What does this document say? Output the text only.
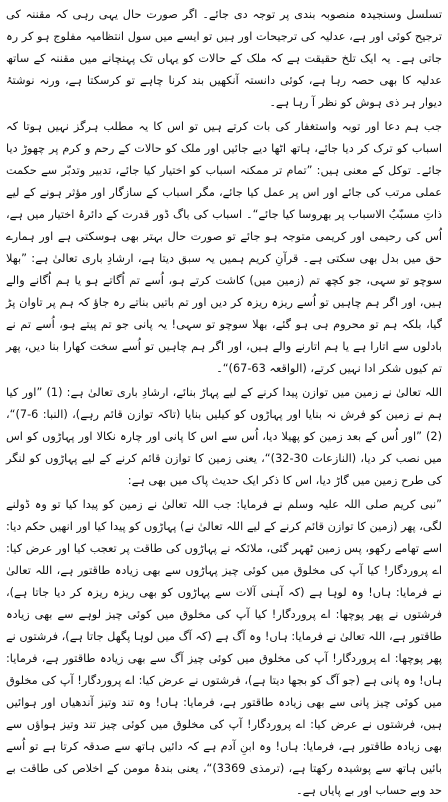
تسلسل وسنجیدہ منصوبہ بندی پر توجہ دی جائے۔ اگر صورت حال یہی رہی کہ مقننہ کی ترجیح کوئی اور ہے، عدلیہ کی ترجیحات اور ہیں تو ایسے میں سول انتظامیہ مفلوج ہو کر رہ جاتی ہے۔ یہ ایک تلخ حقیقت ہے کہ ملک کے حالات کو یہاں تک پہنچانے میں مقننہ کے ساتھ عدلیہ کا بھی حصہ رہا ہے، کوئی دانستہ آنکھیں بند کرنا چاہے تو کرسکتا ہے، ورنہ نوشتۂ دیوار ہر ذی ہوش کو نظر آ رہا ہے۔

جب ہم دعا اور توبہ واستغفار کی بات کرتے ہیں تو اس کا یہ مطلب ہرگز نہیں ہوتا کہ اسباب کو ترک کر دیا جائے، ہاتھ اٹھا دیے جائیں اور ملک کو حالات کے رحم و کرم پر چھوڑ دیا جائے۔ توکل کے معنی ہیں: ”تمام تر ممکنہ اسباب کو اختیار کیا جائے، تدبیر وتدبّر سے حکمت عملی مرتب کی جائے اور اس پر عمل کیا جائے، مگر اسباب کے سازگار اور مؤثر ہونے کے لیے ذاتِ مسبّبُ الاسباب پر بھروسا کیا جائے“۔ اسباب کی باگ ڈور قدرت کے دائرۂ اختیار میں ہے، اُس کی رحیمی اور کریمی متوجہ ہو جائے تو صورت حال بہتر بھی ہوسکتی ہے اور ہمارے حق میں بدل بھی سکتی ہے۔ قرآنِ کریم ہمیں یہ سبق دیتا ہے، ارشادِ باری تعالیٰ ہے: ”بھلا سوچو تو سہی، جو کچھ تم (زمین میں) کاشت کرتے ہو، اُسے تم اُگاتے ہو یا ہم اُگانے والے ہیں، اور اگر ہم چاہیں تو اُسے ریزہ ریزہ کر دیں اور تم باتیں بناتے رہ جاؤ کہ ہم پر تاوان پڑ گیا، بلکہ ہم تو محروم ہی ہو گئے، بھلا سوچو تو سہی! یہ پانی جو تم پیتے ہو، اُسے تم نے بادلوں سے اتارا ہے یا ہم اتارنے والے ہیں، اور اگر ہم چاہیں تو اُسے سخت کھارا بنا دیں، پھر تم کیوں شکر ادا نہیں کرتے، (الواقعہ 63-67)“۔

اللہ تعالیٰ نے زمین میں توازن پیدا کرنے کے لیے پہاڑ بنائے، ارشادِ باری تعالیٰ ہے: (1) ”اور کیا ہم نے زمین کو فرش نہ بنایا اور پہاڑوں کو کیلیں بنایا (تاکہ توازن قائم رہے)، (النبا: 6-7)“، (2) ”اور اُس کے بعد زمین کو پھیلا دیا، اُس سے اس کا پانی اور چارہ نکالا اور پہاڑوں کو اس میں نصب کر دیا، (النازعات 30-32)“، یعنی زمین کا توازن قائم کرنے کے لیے پہاڑوں کو لنگر کی طرح زمین میں گاڑ دیا، اس کا ذکر ایک حدیث پاک میں بھی ہے:

”نبی کریم صلی اللہ علیہ وسلم نے فرمایا: جب اللہ تعالیٰ نے زمین کو پیدا کیا تو وہ ڈولنے لگی، پھر (زمین کا توازن قائم کرنے کے لیے اللہ تعالیٰ نے) پہاڑوں کو پیدا کیا اور انھیں حکم دیا: اسے تھامے رکھو، پس زمین ٹھہر گئی، ملائکہ نے پہاڑوں کی طاقت پر تعجب کیا اور عرض کیا: اے پروردگار! کیا آپ کی مخلوق میں کوئی چیز پہاڑوں سے بھی زیادہ طاقتور ہے، اللہ تعالیٰ نے فرمایا: ہاں! وہ لوہا ہے (کہ آہنی آلات سے پہاڑوں کو بھی ریزہ ریزہ کر دیا جاتا ہے)، فرشتوں نے پھر پوچھا: اے پروردگار! کیا آپ کی مخلوق میں کوئی چیز لوہے سے بھی زیادہ طاقتور ہے، اللہ تعالیٰ نے فرمایا: ہاں! وہ آگ ہے (کہ آگ میں لوہا پگھل جاتا ہے)، فرشتوں نے پھر پوچھا: اے پروردگار! آپ کی مخلوق میں کوئی چیز آگ سے بھی زیادہ طاقتور ہے، فرمایا: ہاں! وہ پانی ہے (جو آگ کو بجھا دیتا ہے)، فرشتوں نے عرض کیا: اے پروردگار! آپ کی مخلوق میں کوئی چیز پانی سے بھی زیادہ طاقتور ہے، فرمایا: ہاں! وہ تند وتیز آندھیاں اور ہوائیں ہیں، فرشتوں نے عرض کیا: اے پروردگار! آپ کی مخلوق میں کوئی چیز تند وتیز ہواؤں سے بھی زیادہ طاقتور ہے، فرمایا: ہاں! وہ ابنِ آدم ہے کہ دائیں ہاتھ سے صدقہ کرتا ہے تو اُسے بائیں ہاتھ سے پوشیدہ رکھتا ہے، (ترمذی 3369)“، یعنی بندۂ مومن کے اخلاص کی طاقت بے حد وبے حساب اور بے پایاں ہے۔
